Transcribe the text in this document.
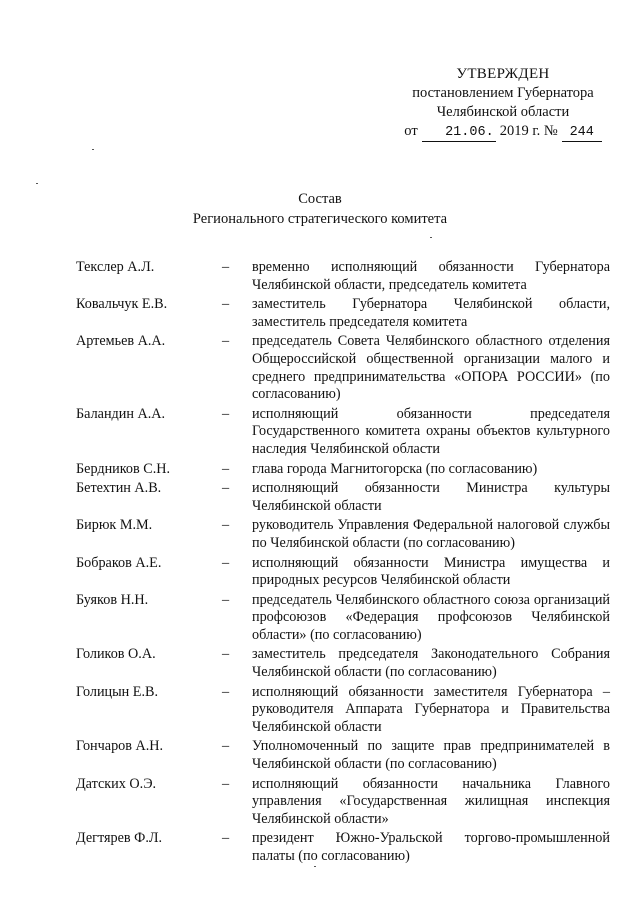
УТВЕРЖДЕН
постановлением Губернатора
Челябинской области
от	21.06. 2019 г. № 244
Состав
Регионального стратегического комитета
Текслер А.Л.	–	временно исполняющий обязанности Губернатора Челябинской области, председатель комитета
Ковальчук Е.В.	–	заместитель Губернатора Челябинской области, заместитель председателя комитета
Артемьев А.А.	–	председатель Совета Челябинского областного отделения Общероссийской общественной организации малого и среднего предпринимательства «ОПОРА РОССИИ» (по согласованию)
Баландин А.А.	–	исполняющий обязанности председателя Государственного комитета охраны объектов культурного наследия Челябинской области
Бердников С.Н.	–	глава города Магнитогорска (по согласованию)
Бетехтин А.В.	–	исполняющий обязанности Министра культуры Челябинской области
Бирюк М.М.	–	руководитель Управления Федеральной налоговой службы по Челябинской области (по согласованию)
Бобраков А.Е.	–	исполняющий обязанности Министра имущества и природных ресурсов Челябинской области
Буяков Н.Н.	–	председатель Челябинского областного союза организаций профсоюзов «Федерация профсоюзов Челябинской области» (по согласованию)
Голиков О.А.	–	заместитель председателя Законодательного Собрания Челябинской области (по согласованию)
Голицын Е.В.	–	исполняющий обязанности заместителя Губернатора – руководителя Аппарата Губернатора и Правительства Челябинской области
Гончаров А.Н.	–	Уполномоченный по защите прав предпринимателей в Челябинской области (по согласованию)
Датских О.Э.	–	исполняющий обязанности начальника Главного управления «Государственная жилищная инспекция Челябинской области»
Дегтярев Ф.Л.	–	президент Южно-Уральской торгово-промышленной палаты (по согласованию)
